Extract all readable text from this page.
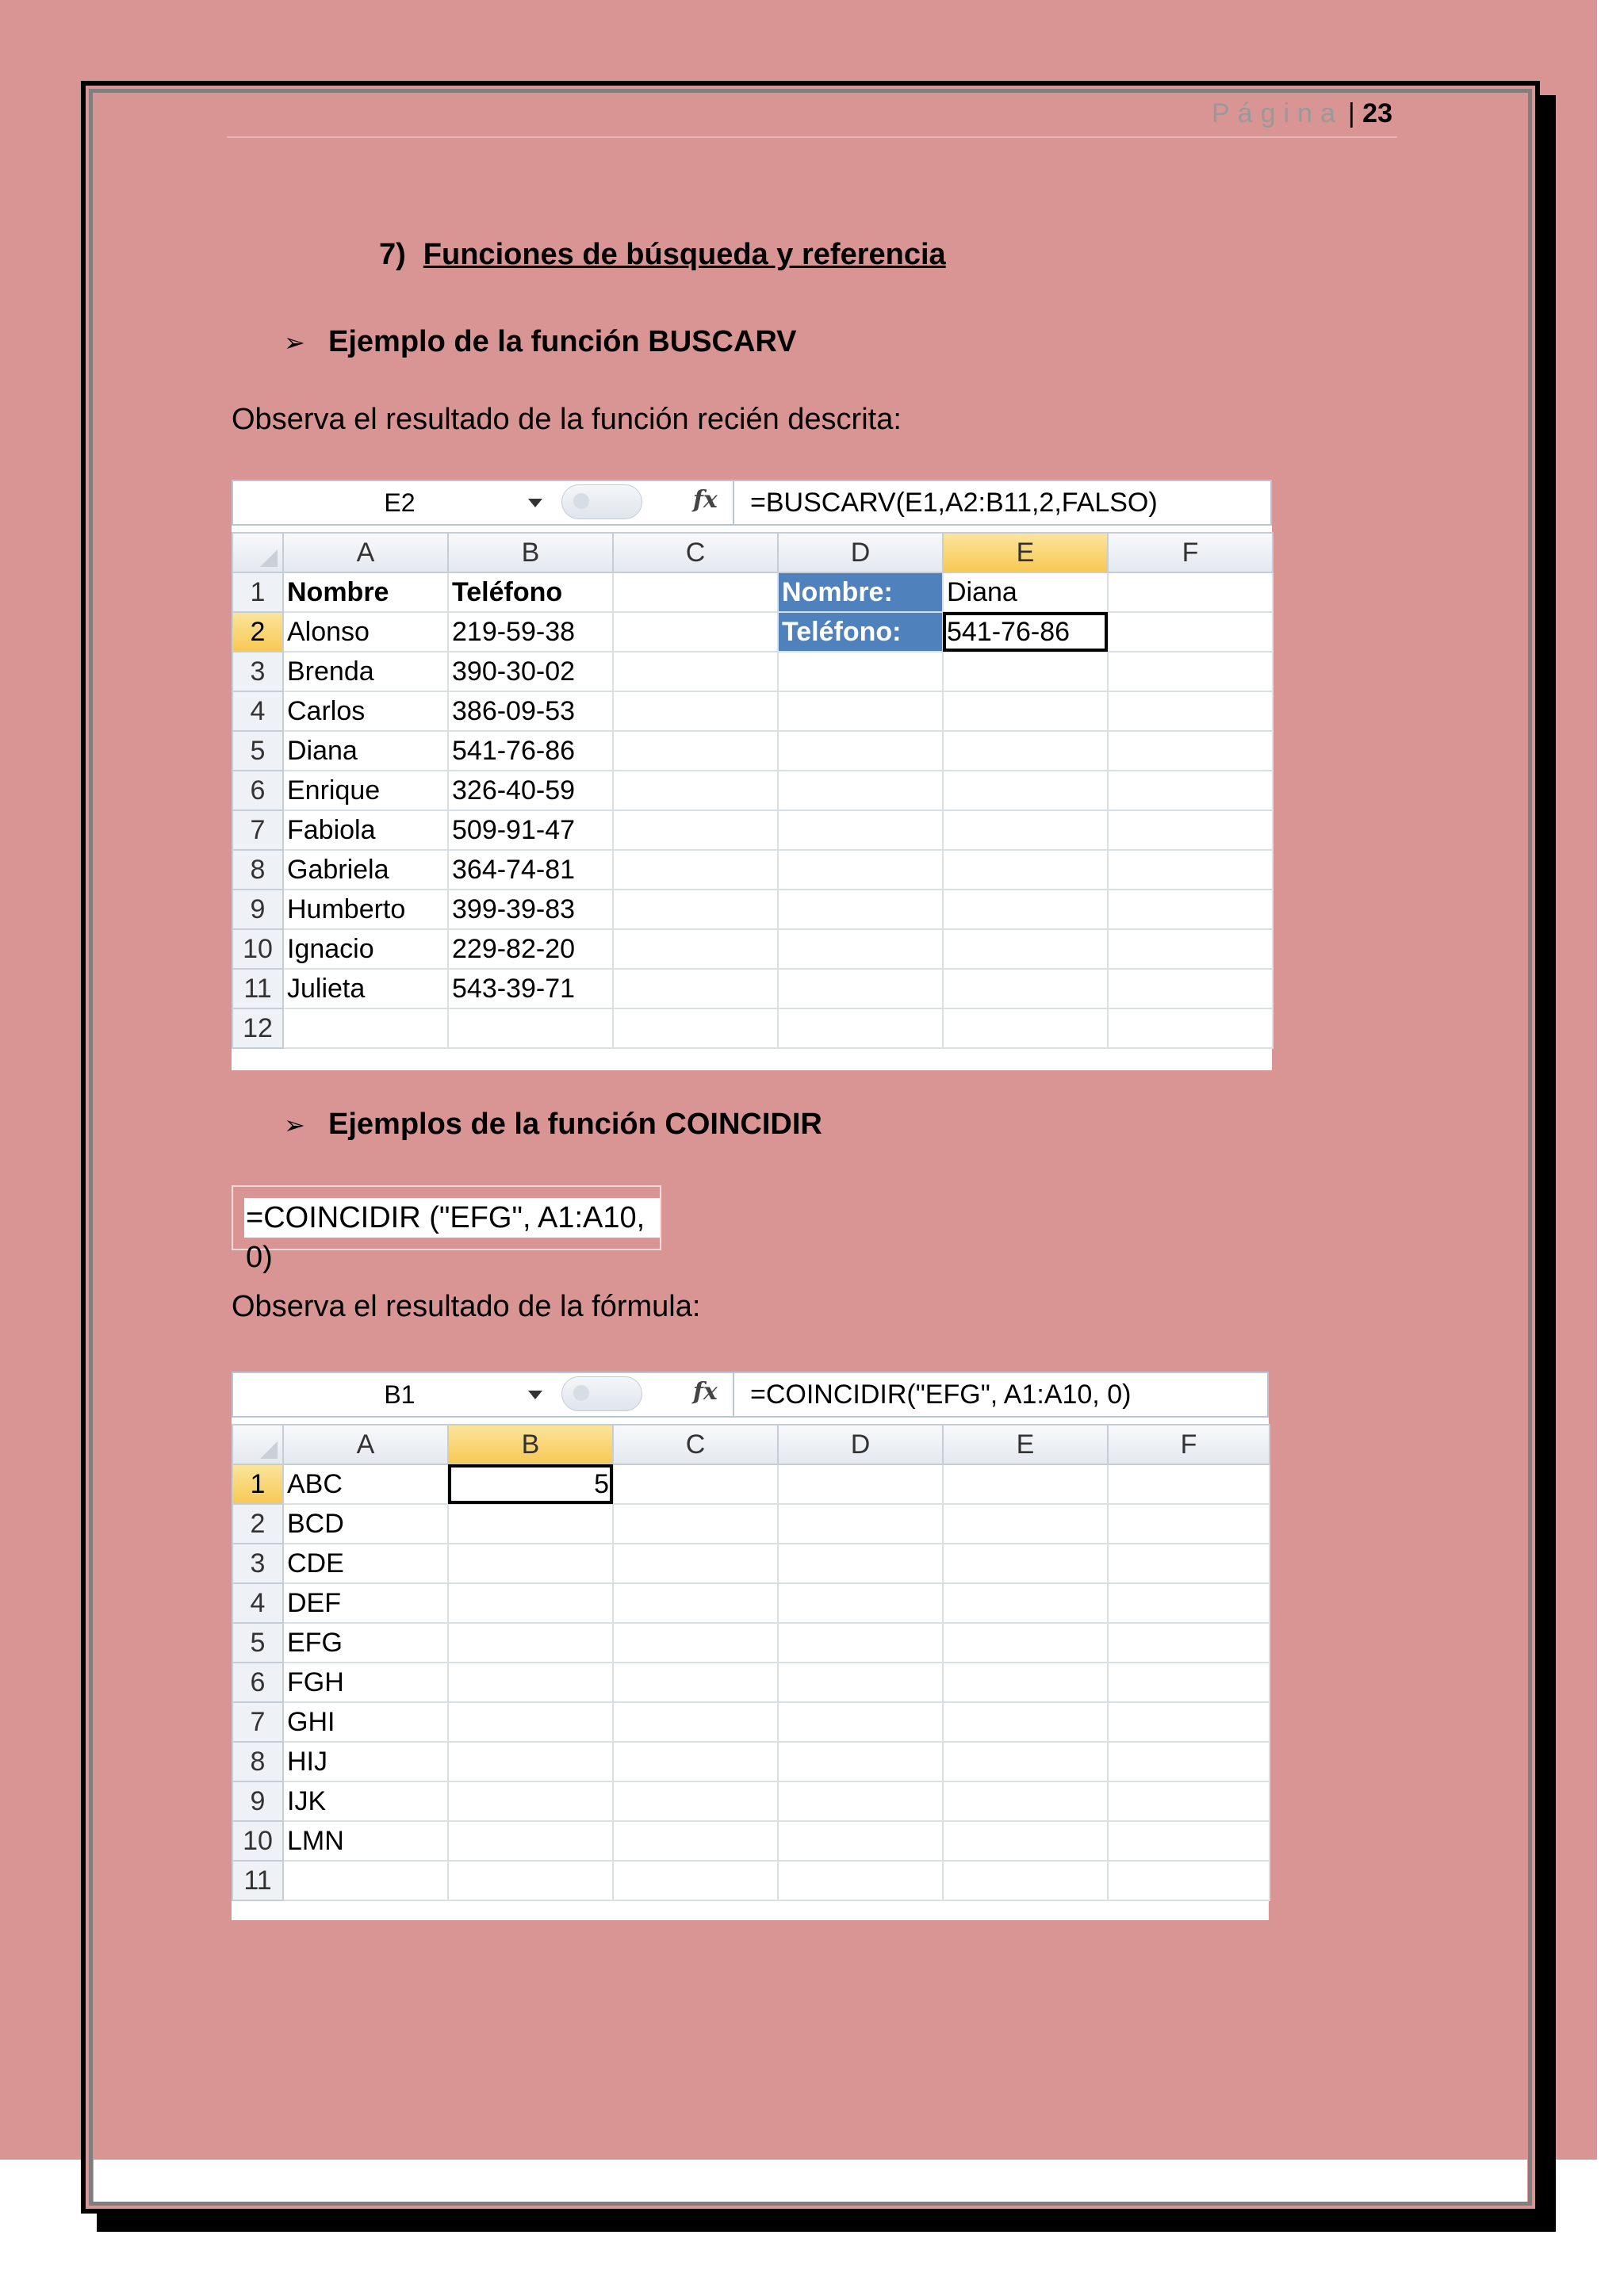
Página | 23
7) Funciones de búsqueda y referencia
➢ Ejemplo de la función BUSCARV
Observa el resultado de la función recién descrita:
E2	fx =BUSCARV(E1,A2:B11,2,FALSO)
	A	B	C	D	E	F
1	Nombre	Teléfono		Nombre:	Diana	
2	Alonso	219-59-38		Teléfono:	541-76-86	
3	Brenda	390-30-02				
4	Carlos	386-09-53				
5	Diana	541-76-86				
6	Enrique	326-40-59				
7	Fabiola	509-91-47				
8	Gabriela	364-74-81				
9	Humberto	399-39-83				
10	Ignacio	229-82-20				
11	Julieta	543-39-71				
12						
➢ Ejemplos de la función COINCIDIR
=COINCIDIR ("EFG", A1:A10, 0)
Observa el resultado de la fórmula:
B1	fx =COINCIDIR("EFG", A1:A10, 0)
	A	B	C	D	E	F
1	ABC	5				
2	BCD					
3	CDE					
4	DEF					
5	EFG					
6	FGH					
7	GHI					
8	HIJ					
9	IJK					
10	LMN					
11						
